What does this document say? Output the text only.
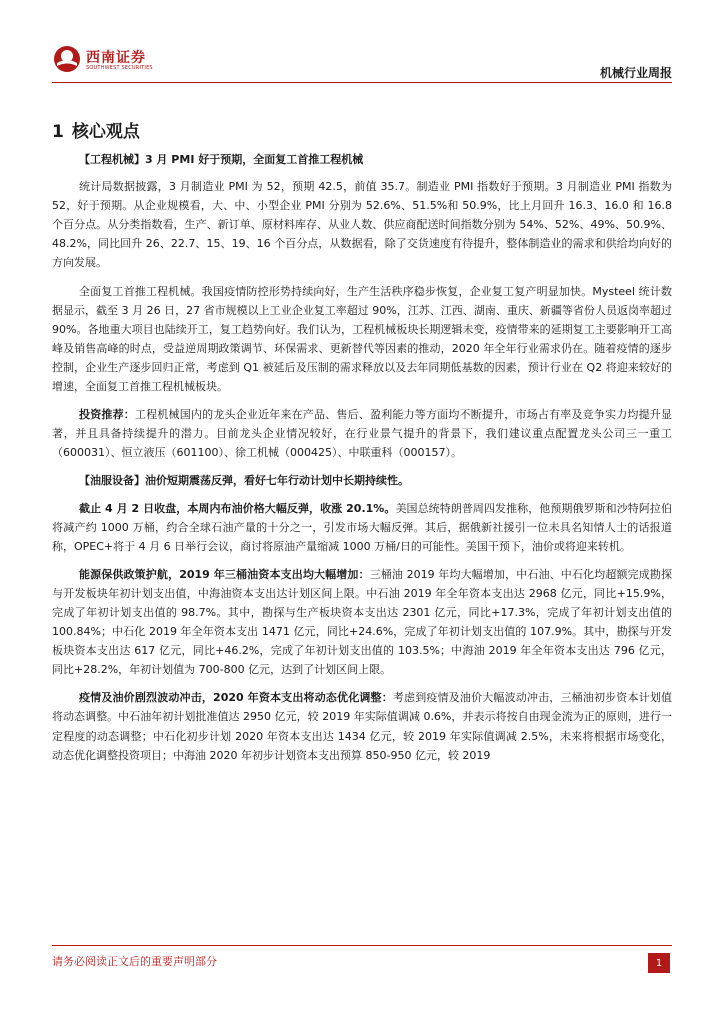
西南证券
SOUTHWEST SECURITIES	机械行业周报
1 核心观点

【工程机械】3 月 PMI 好于预期，全面复工首推工程机械

统计局数据披露，3 月制造业 PMI 为 52，预期 42.5，前值 35.7。制造业 PMI 指数好于预期。3 月制造业 PMI 指数为 52，好于预期。从企业规模看，大、中、小型企业 PMI 分别为 52.6%、51.5%和 50.9%，比上月回升 16.3、16.0 和 16.8 个百分点。从分类指数看，生产、新订单、原材料库存、从业人数、供应商配送时间指数分别为 54%、52%、49%、50.9%、48.2%，同比回升 26、22.7、15、19、16 个百分点，从数据看，除了交货速度有待提升，整体制造业的需求和供给均向好的方向发展。

全面复工首推工程机械。我国疫情防控形势持续向好，生产生活秩序稳步恢复，企业复工复产明显加快。Mysteel 统计数据显示，截至 3 月 26 日，27 省市规模以上工业企业复工率超过 90%，江苏、江西、湖南、重庆、新疆等省份人员返岗率超过 90%。各地重大项目也陆续开工，复工趋势向好。我们认为，工程机械板块长期逻辑未变，疫情带来的延期复工主要影响开工高峰及销售高峰的时点，受益逆周期政策调节、环保需求、更新替代等因素的推动，2020 年全年行业需求仍在。随着疫情的逐步控制，企业生产逐步回归正常，考虑到 Q1 被延后及压制的需求释放以及去年同期低基数的因素，预计行业在 Q2 将迎来较好的增速，全面复工首推工程机械板块。

投资推荐：工程机械国内的龙头企业近年来在产品、售后、盈利能力等方面均不断提升，市场占有率及竞争实力均提升显著，并且具备持续提升的潜力。目前龙头企业情况较好，在行业景气提升的背景下，我们建议重点配置龙头公司三一重工（600031）、恒立液压（601100）、徐工机械（000425）、中联重科（000157）。

【油服设备】油价短期震荡反弹，看好七年行动计划中长期持续性。

截止 4 月 2 日收盘，本周内布油价格大幅反弹，收涨 20.1%。美国总统特朗普周四发推称，他预期俄罗斯和沙特阿拉伯将减产约 1000 万桶，约合全球石油产量的十分之一，引发市场大幅反弹。其后，据俄新社援引一位未具名知情人士的话报道称，OPEC+将于 4 月 6 日举行会议，商讨将原油产量缩减 1000 万桶/日的可能性。美国干预下，油价或将迎来转机。

能源保供政策护航，2019 年三桶油资本支出均大幅增加：三桶油 2019 年均大幅增加，中石油、中石化均超额完成勘探与开发板块年初计划支出值，中海油资本支出达计划区间上限。中石油 2019 年全年资本支出达 2968 亿元，同比+15.9%，完成了年初计划支出值的 98.7%。其中，勘探与生产板块资本支出达 2301 亿元，同比+17.3%，完成了年初计划支出值的 100.84%；中石化 2019 年全年资本支出 1471 亿元，同比+24.6%，完成了年初计划支出值的 107.9%。其中，勘探与开发板块资本支出达 617 亿元，同比+46.2%，完成了年初计划支出值的 103.5%；中海油 2019 年全年资本支出达 796 亿元，同比+28.2%，年初计划值为 700-800 亿元，达到了计划区间上限。

疫情及油价剧烈波动冲击，2020 年资本支出将动态优化调整：考虑到疫情及油价大幅波动冲击，三桶油初步资本计划值将动态调整。中石油年初计划批准值达 2950 亿元，较 2019 年实际值调减 0.6%，并表示将按自由现金流为正的原则，进行一定程度的动态调整；中石化初步计划 2020 年资本支出达 1434 亿元，较 2019 年实际值调减 2.5%，未来将根据市场变化，动态优化调整投资项目；中海油 2020 年初步计划资本支出预算 850-950 亿元，较 2019

请务必阅读正文后的重要声明部分	1
